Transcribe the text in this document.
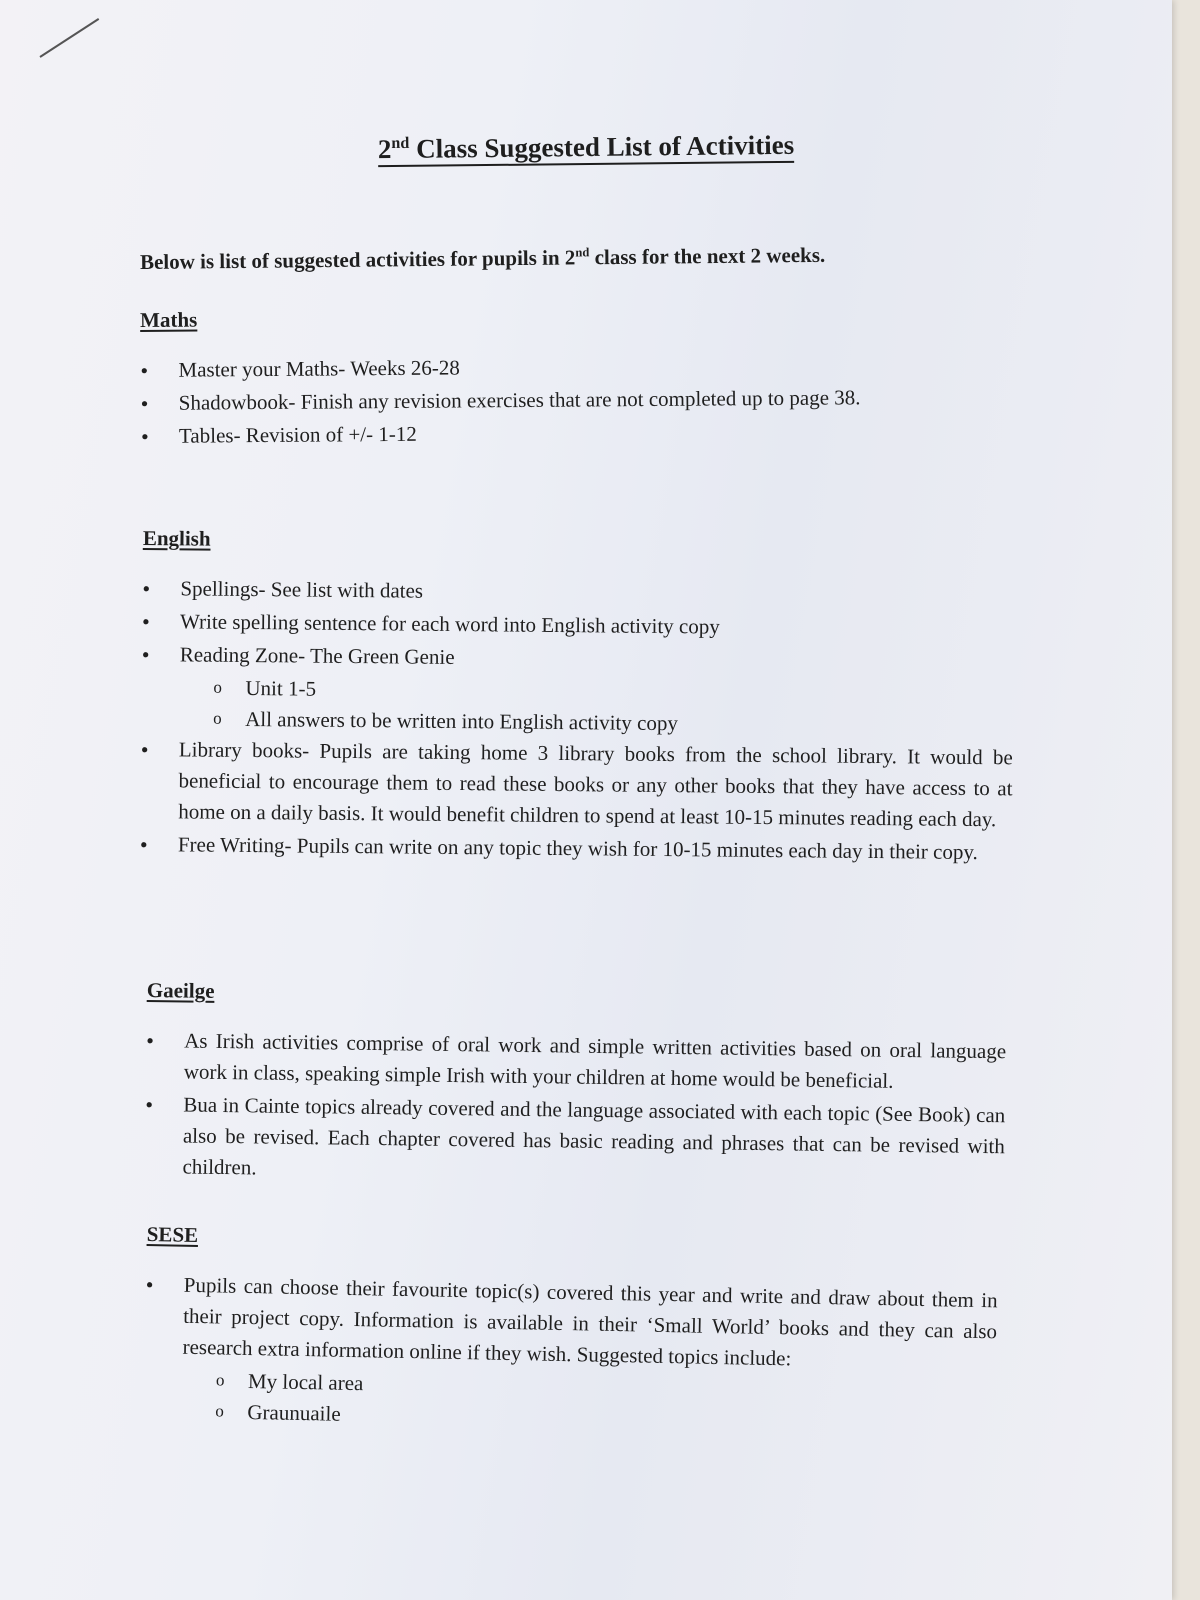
2nd Class Suggested List of Activities
Below is list of suggested activities for pupils in 2nd class for the next 2 weeks.
Maths
• Master your Maths- Weeks 26-28
• Shadowbook- Finish any revision exercises that are not completed up to page 38.
• Tables- Revision of +/- 1-12
English
• Spellings- See list with dates
• Write spelling sentence for each word into English activity copy
• Reading Zone- The Green Genie
o Unit 1-5
o All answers to be written into English activity copy
• Library books- Pupils are taking home 3 library books from the school library. It would be beneficial to encourage them to read these books or any other books that they have access to at home on a daily basis. It would benefit children to spend at least 10-15 minutes reading each day.
• Free Writing- Pupils can write on any topic they wish for 10-15 minutes each day in their copy.
Gaeilge
• As Irish activities comprise of oral work and simple written activities based on oral language work in class, speaking simple Irish with your children at home would be beneficial.
• Bua in Cainte topics already covered and the language associated with each topic (See Book) can also be revised. Each chapter covered has basic reading and phrases that can be revised with children.
SESE
• Pupils can choose their favourite topic(s) covered this year and write and draw about them in their project copy. Information is available in their ‘Small World’ books and they can also research extra information online if they wish. Suggested topics include:
o My local area
o Graunuaile
